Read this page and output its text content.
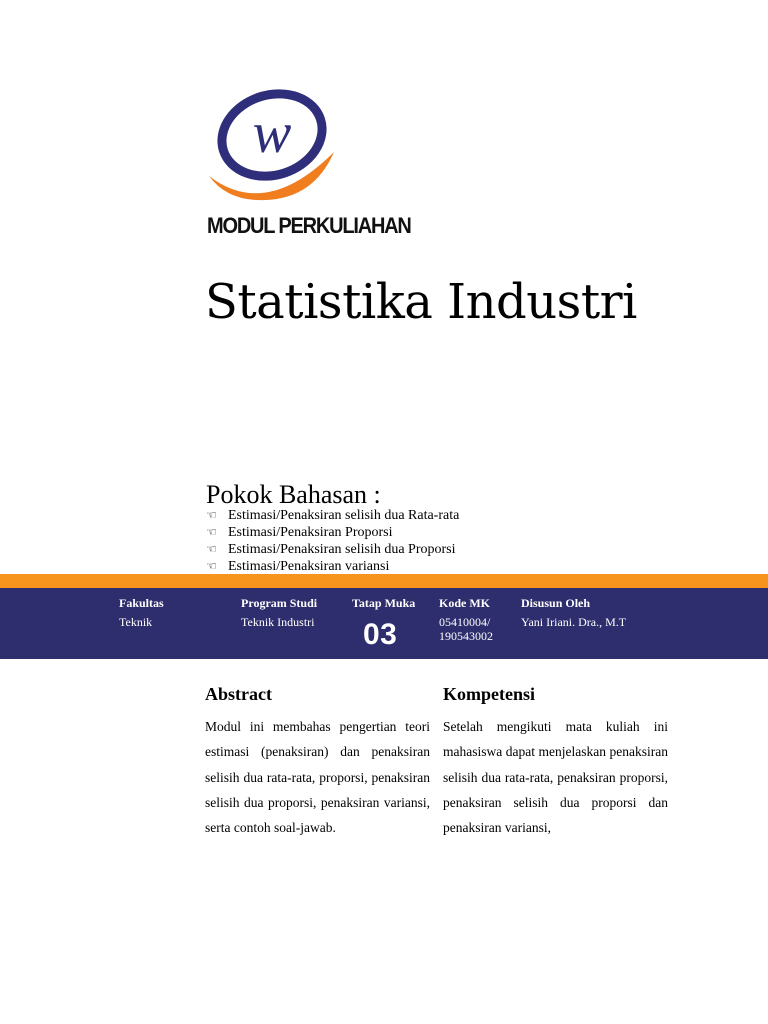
w
MODUL PERKULIAHAN
Statistika Industri
Pokok Bahasan :
☜ Estimasi/Penaksiran selisih dua Rata-rata
☜ Estimasi/Penaksiran Proporsi
☜ Estimasi/Penaksiran selisih dua Proporsi
☜ Estimasi/Penaksiran variansi
Fakultas
Teknik
Program Studi
Teknik Industri
Tatap Muka
03
Kode MK
05410004/
190543002
Disusun Oleh
Yani Iriani. Dra., M.T
Abstract

Modul ini membahas pengertian teori estimasi (penaksiran) dan penaksiran selisih dua rata-rata, proporsi, penaksiran selisih dua proporsi, penaksiran variansi, serta contoh soal-jawab.

Kompetensi

Setelah mengikuti mata kuliah ini mahasiswa dapat menjelaskan penaksiran selisih dua rata-rata, penaksiran proporsi, penaksiran selisih dua proporsi dan penaksiran variansi,
